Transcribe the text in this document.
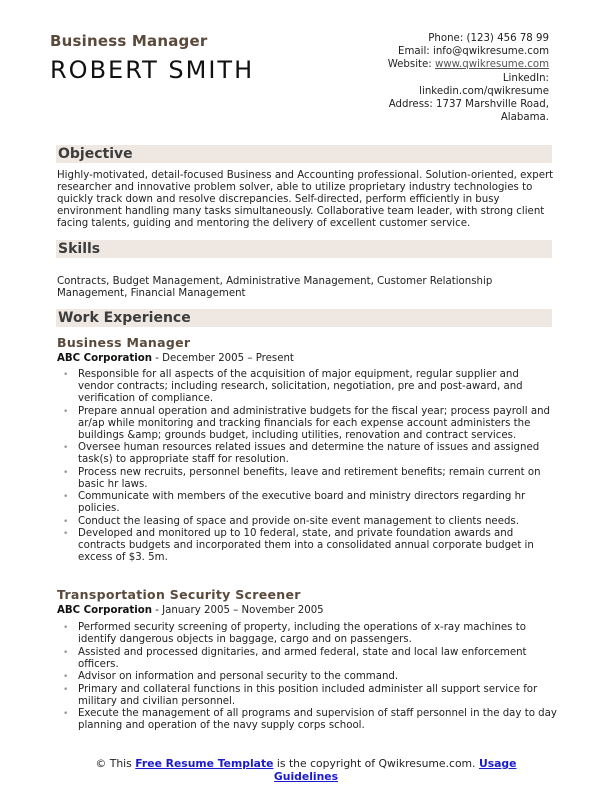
Business Manager
ROBERT SMITH
Phone: (123) 456 78 99
Email: info@qwikresume.com
Website: www.qwikresume.com
LinkedIn:
linkedin.com/qwikresume
Address: 1737 Marshville Road,
Alabama.
Objective
Highly-motivated, detail-focused Business and Accounting professional. Solution-oriented, expert researcher and innovative problem solver, able to utilize proprietary industry technologies to quickly track down and resolve discrepancies. Self-directed, perform efficiently in busy environment handling many tasks simultaneously. Collaborative team leader, with strong client facing talents, guiding and mentoring the delivery of excellent customer service.
Skills
Contracts, Budget Management, Administrative Management, Customer Relationship Management, Financial Management
Work Experience
Business Manager
ABC Corporation - December 2005 – Present
• Responsible for all aspects of the acquisition of major equipment, regular supplier and vendor contracts; including research, solicitation, negotiation, pre and post-award, and verification of compliance.
• Prepare annual operation and administrative budgets for the fiscal year; process payroll and ar/ap while monitoring and tracking financials for each expense account administers the buildings &amp; grounds budget, including utilities, renovation and contract services.
• Oversee human resources related issues and determine the nature of issues and assigned task(s) to appropriate staff for resolution.
• Process new recruits, personnel benefits, leave and retirement benefits; remain current on basic hr laws.
• Communicate with members of the executive board and ministry directors regarding hr policies.
• Conduct the leasing of space and provide on-site event management to clients needs.
• Developed and monitored up to 10 federal, state, and private foundation awards and contracts budgets and incorporated them into a consolidated annual corporate budget in excess of $3. 5m.
Transportation Security Screener
ABC Corporation - January 2005 – November 2005
• Performed security screening of property, including the operations of x-ray machines to identify dangerous objects in baggage, cargo and on passengers.
• Assisted and processed dignitaries, and armed federal, state and local law enforcement officers.
• Advisor on information and personal security to the command.
• Primary and collateral functions in this position included administer all support service for military and civilian personnel.
• Execute the management of all programs and supervision of staff personnel in the day to day planning and operation of the navy supply corps school.
© This Free Resume Template is the copyright of Qwikresume.com. Usage Guidelines
